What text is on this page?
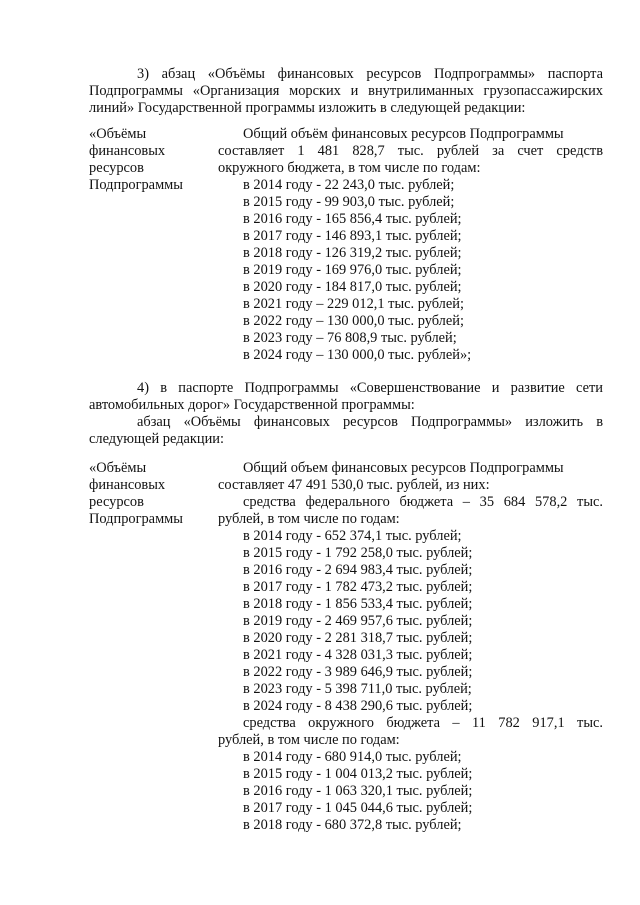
3) абзац «Объёмы финансовых ресурсов Подпрограммы» паспорта
Подпрограммы «Организация морских и внутрилиманных грузопассажирских
линий» Государственной программы изложить в следующей редакции:
«Объёмы
финансовых
ресурсов
Подпрограммы
Общий объём финансовых ресурсов Подпрограммы
составляет 1 481 828,7 тыс. рублей за счет средств
окружного бюджета, в том числе по годам:
в 2014 году - 22 243,0 тыс. рублей;
в 2015 году - 99 903,0 тыс. рублей;
в 2016 году - 165 856,4 тыс. рублей;
в 2017 году - 146 893,1 тыс. рублей;
в 2018 году - 126 319,2 тыс. рублей;
в 2019 году - 169 976,0 тыс. рублей;
в 2020 году - 184 817,0 тыс. рублей;
в 2021 году – 229 012,1 тыс. рублей;
в 2022 году – 130 000,0 тыс. рублей;
в 2023 году – 76 808,9 тыс. рублей;
в 2024 году – 130 000,0 тыс. рублей»;
4) в паспорте Подпрограммы «Совершенствование и развитие сети
автомобильных дорог» Государственной программы:
абзац «Объёмы финансовых ресурсов Подпрограммы» изложить в
следующей редакции:
«Объёмы
финансовых
ресурсов
Подпрограммы
Общий объем финансовых ресурсов Подпрограммы
составляет 47 491 530,0 тыс. рублей, из них:
средства федерального бюджета – 35 684 578,2 тыс.
рублей, в том числе по годам:
в 2014 году - 652 374,1 тыс. рублей;
в 2015 году - 1 792 258,0 тыс. рублей;
в 2016 году - 2 694 983,4 тыс. рублей;
в 2017 году - 1 782 473,2 тыс. рублей;
в 2018 году - 1 856 533,4 тыс. рублей;
в 2019 году - 2 469 957,6 тыс. рублей;
в 2020 году - 2 281 318,7 тыс. рублей;
в 2021 году - 4 328 031,3 тыс. рублей;
в 2022 году - 3 989 646,9 тыс. рублей;
в 2023 году - 5 398 711,0 тыс. рублей;
в 2024 году - 8 438 290,6 тыс. рублей;
средства окружного бюджета – 11 782 917,1 тыс.
рублей, в том числе по годам:
в 2014 году - 680 914,0 тыс. рублей;
в 2015 году - 1 004 013,2 тыс. рублей;
в 2016 году - 1 063 320,1 тыс. рублей;
в 2017 году - 1 045 044,6 тыс. рублей;
в 2018 году - 680 372,8 тыс. рублей;
